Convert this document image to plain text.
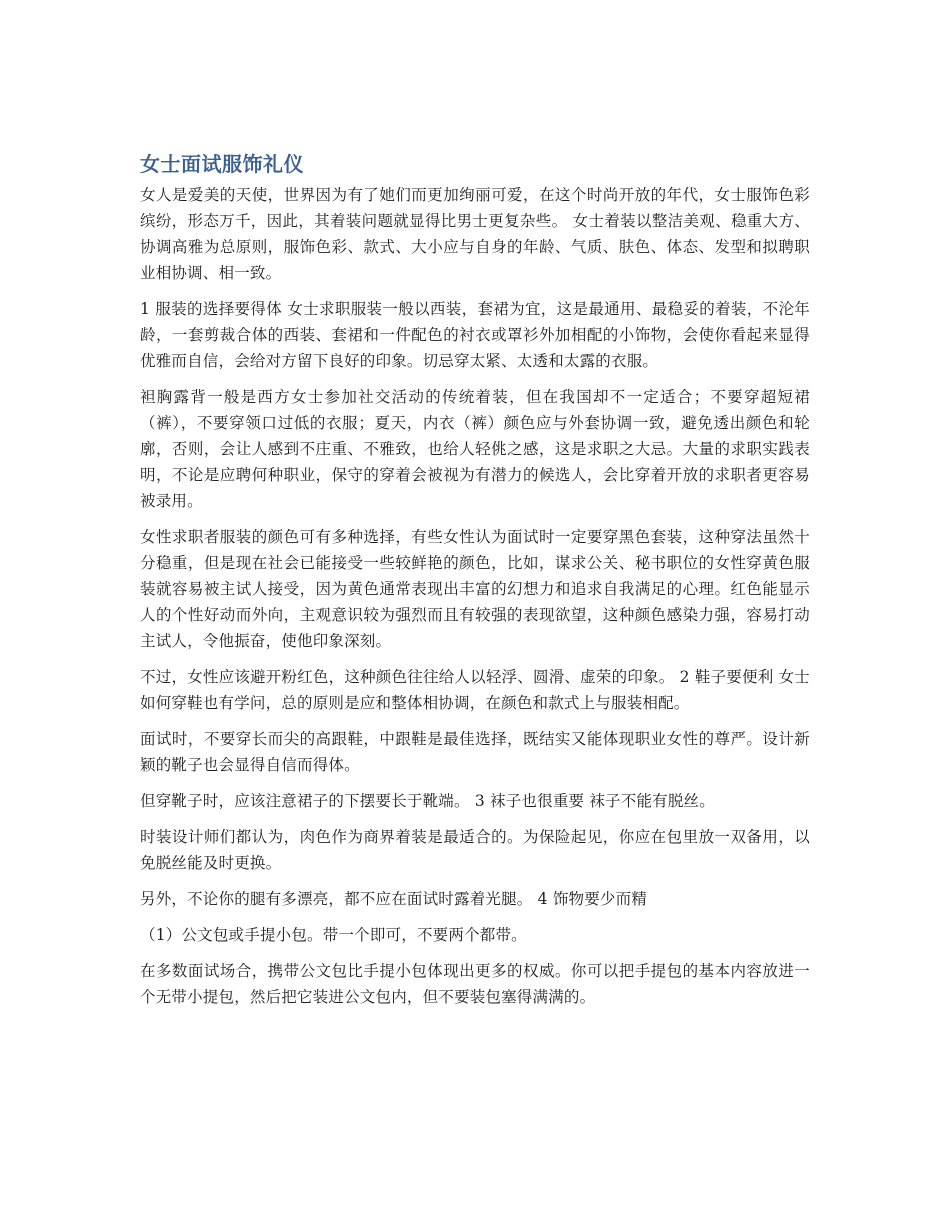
女士面试服饰礼仪

女人是爱美的天使，世界因为有了她们而更加绚丽可爱，在这个时尚开放的年代，女士服饰色彩缤纷，形态万千，因此，其着装问题就显得比男士更复杂些。 女士着装以整洁美观、稳重大方、协调高雅为总原则，服饰色彩、款式、大小应与自身的年龄、气质、肤色、体态、发型和拟聘职业相协调、相一致。

1 服装的选择要得体 女士求职服装一般以西装，套裙为宜，这是最通用、最稳妥的着装，不沦年龄，一套剪裁合体的西装、套裙和一件配色的衬衣或罩衫外加相配的小饰物，会使你看起来显得优雅而自信，会给对方留下良好的印象。切忌穿太紧、太透和太露的衣服。

袒胸露背一般是西方女士参加社交活动的传统着装，但在我国却不一定适合；不要穿超短裙（裤），不要穿领口过低的衣服；夏天，内衣（裤）颜色应与外套协调一致，避免透出颜色和轮廓，否则，会让人感到不庄重、不雅致，也给人轻佻之感，这是求职之大忌。大量的求职实践表明，不论是应聘何种职业，保守的穿着会被视为有潜力的候选人，会比穿着开放的求职者更容易被录用。

女性求职者服装的颜色可有多种选择，有些女性认为面试时一定要穿黑色套装，这种穿法虽然十分稳重，但是现在社会已能接受一些较鲜艳的颜色，比如，谋求公关、秘书职位的女性穿黄色服装就容易被主试人接受，因为黄色通常表现出丰富的幻想力和追求自我满足的心理。红色能显示人的个性好动而外向，主观意识较为强烈而且有较强的表现欲望，这种颜色感染力强，容易打动主试人，令他振奋，使他印象深刻。

不过，女性应该避开粉红色，这种颜色往往给人以轻浮、圆滑、虚荣的印象。 2 鞋子要便利 女士如何穿鞋也有学问，总的原则是应和整体相协调，在颜色和款式上与服装相配。

面试时，不要穿长而尖的高跟鞋，中跟鞋是最佳选择，既结实又能体现职业女性的尊严。设计新颖的靴子也会显得自信而得体。

但穿靴子时，应该注意裙子的下摆要长于靴端。 3 袜子也很重要 袜子不能有脱丝。

时装设计师们都认为，肉色作为商界着装是最适合的。为保险起见，你应在包里放一双备用，以免脱丝能及时更换。

另外，不论你的腿有多漂亮，都不应在面试时露着光腿。 4 饰物要少而精

（1）公文包或手提小包。带一个即可，不要两个都带。

在多数面试场合，携带公文包比手提小包体现出更多的权威。你可以把手提包的基本内容放进一个无带小提包，然后把它装进公文包内，但不要装包塞得满满的。
